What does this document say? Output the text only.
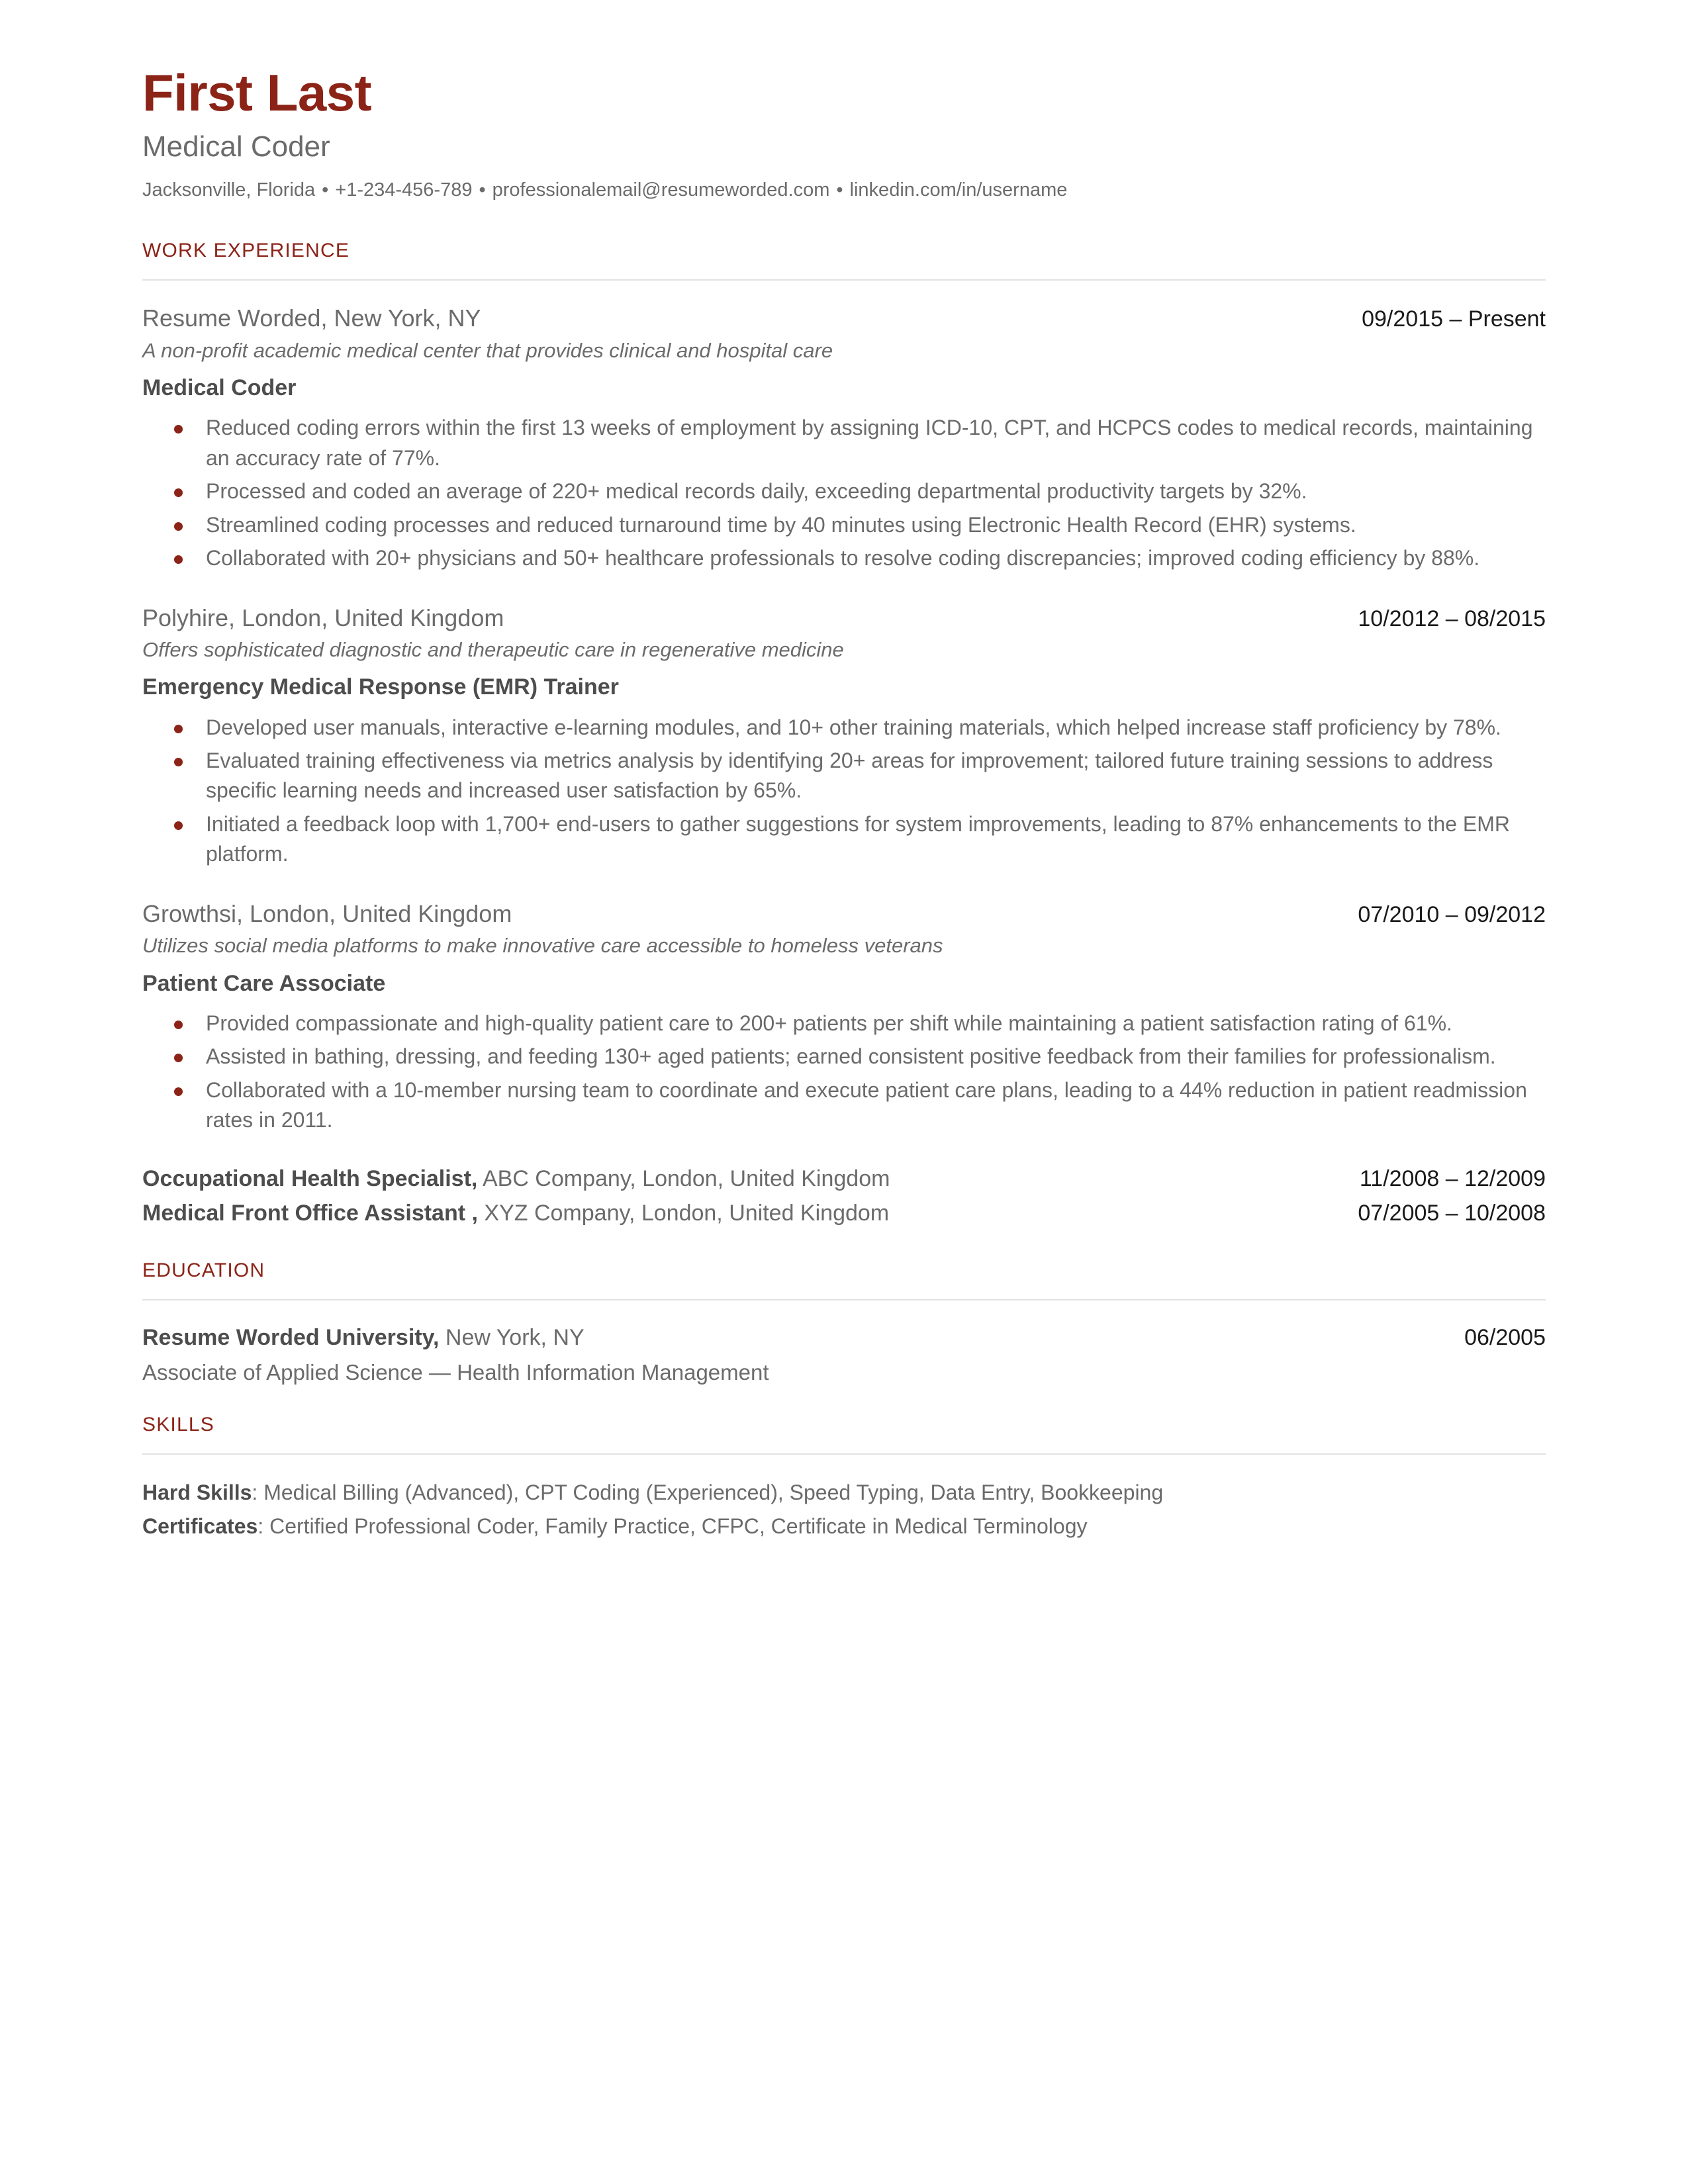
First Last
Medical Coder
Jacksonville, Florida • +1-234-456-789 • professionalemail@resumeworded.com • linkedin.com/in/username
WORK EXPERIENCE
Resume Worded, New York, NY	09/2015 – Present
A non-profit academic medical center that provides clinical and hospital care
Medical Coder
Reduced coding errors within the first 13 weeks of employment by assigning ICD-10, CPT, and HCPCS codes to medical records, maintaining an accuracy rate of 77%.
Processed and coded an average of 220+ medical records daily, exceeding departmental productivity targets by 32%.
Streamlined coding processes and reduced turnaround time by 40 minutes using Electronic Health Record (EHR) systems.
Collaborated with 20+ physicians and 50+ healthcare professionals to resolve coding discrepancies; improved coding efficiency by 88%.
Polyhire, London, United Kingdom	10/2012 – 08/2015
Offers sophisticated diagnostic and therapeutic care in regenerative medicine
Emergency Medical Response (EMR) Trainer
Developed user manuals, interactive e-learning modules, and 10+ other training materials, which helped increase staff proficiency by 78%.
Evaluated training effectiveness via metrics analysis by identifying 20+ areas for improvement; tailored future training sessions to address specific learning needs and increased user satisfaction by 65%.
Initiated a feedback loop with 1,700+ end-users to gather suggestions for system improvements, leading to 87% enhancements to the EMR platform.
Growthsi, London, United Kingdom	07/2010 – 09/2012
Utilizes social media platforms to make innovative care accessible to homeless veterans
Patient Care Associate
Provided compassionate and high-quality patient care to 200+ patients per shift while maintaining a patient satisfaction rating of 61%.
Assisted in bathing, dressing, and feeding 130+ aged patients; earned consistent positive feedback from their families for professionalism.
Collaborated with a 10-member nursing team to coordinate and execute patient care plans, leading to a 44% reduction in patient readmission rates in 2011.
Occupational Health Specialist, ABC Company, London, United Kingdom	11/2008 – 12/2009
Medical Front Office Assistant , XYZ Company, London, United Kingdom	07/2005 – 10/2008
EDUCATION
Resume Worded University, New York, NY	06/2005
Associate of Applied Science — Health Information Management
SKILLS
Hard Skills: Medical Billing (Advanced), CPT Coding (Experienced), Speed Typing, Data Entry, Bookkeeping
Certificates: Certified Professional Coder, Family Practice, CFPC, Certificate in Medical Terminology
